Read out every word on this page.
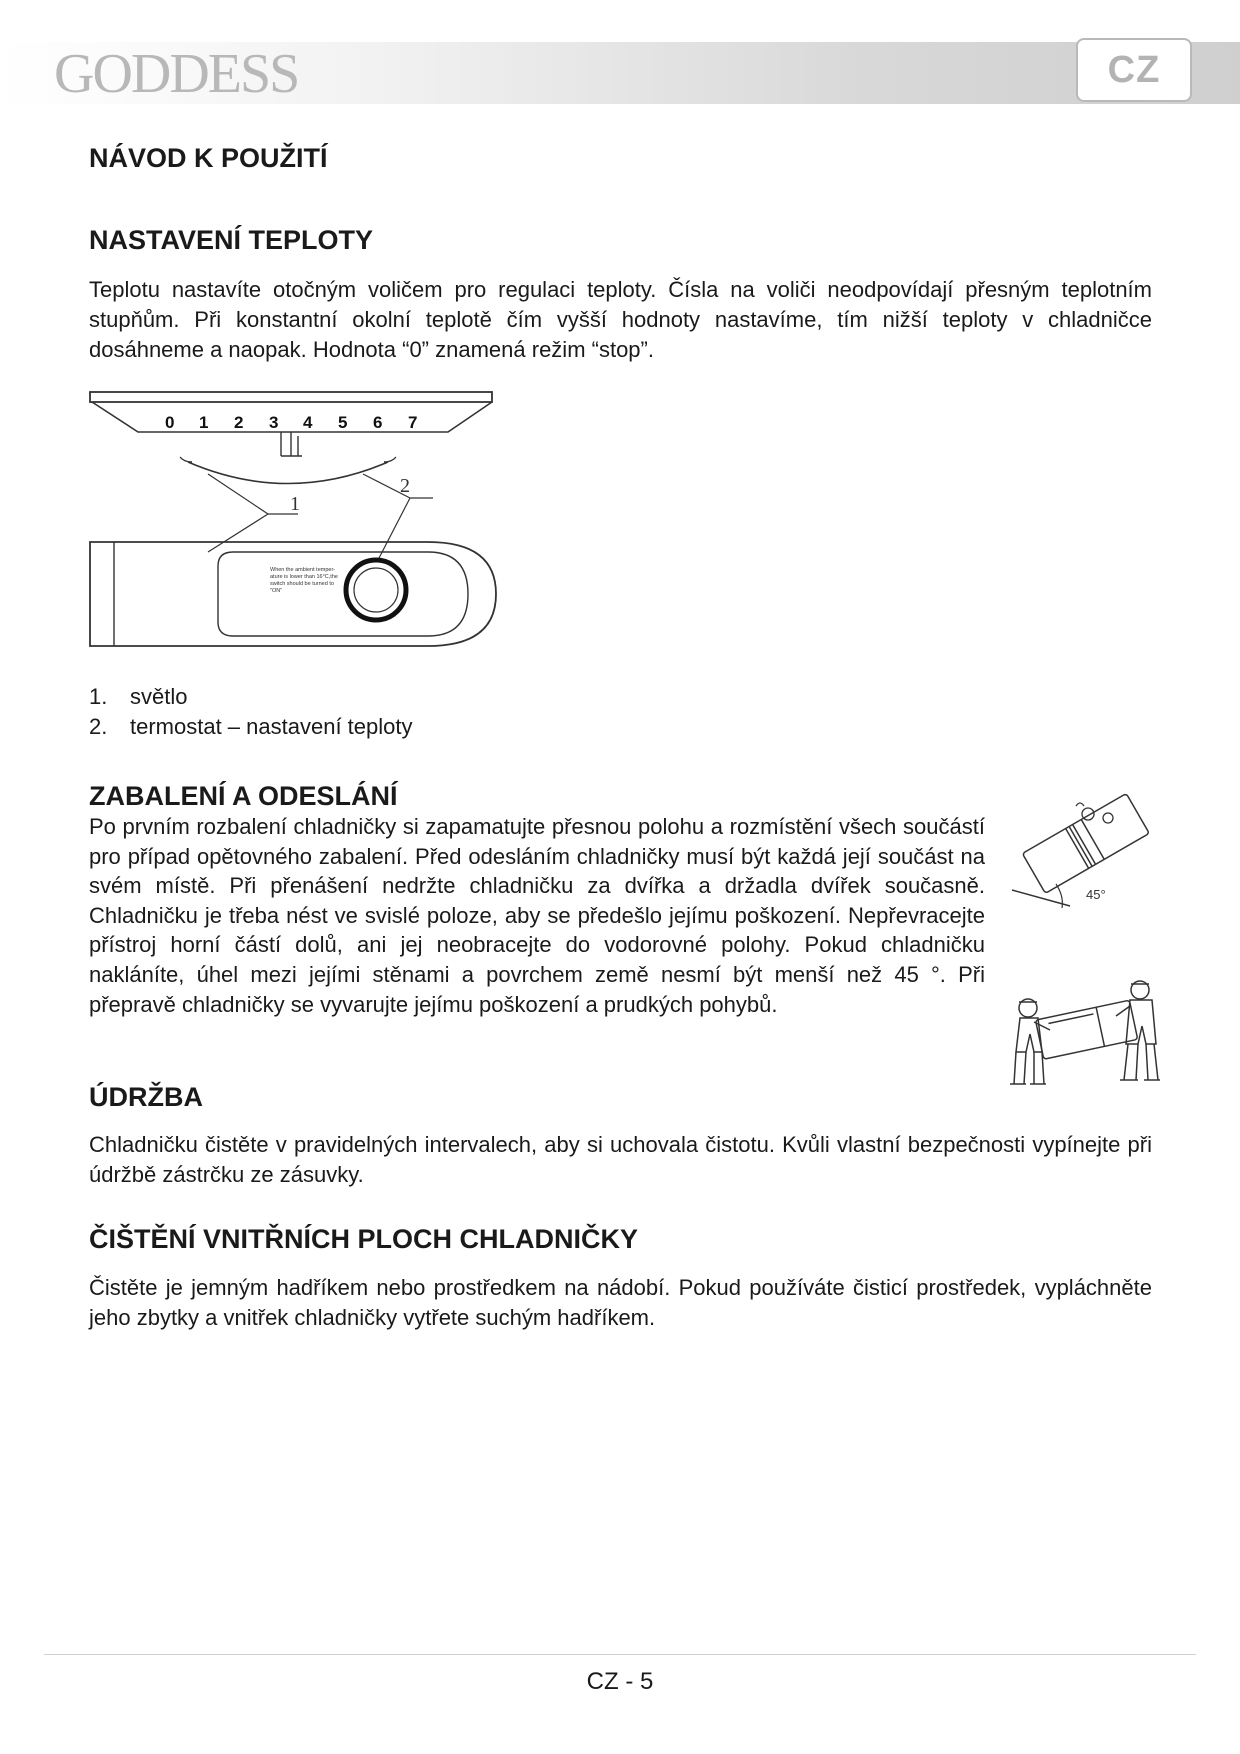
GODDESS	CZ
NÁVOD K POUŽITÍ
NASTAVENÍ TEPLOTY

Teplotu nastavíte otočným voličem pro regulaci teploty. Čísla na voliči neodpovídají přesným teplotním stupňům. Při konstantní okolní teplotě čím vyšší hodnoty nastavíme, tím nižší teploty v chladničce dosáhneme a naopak. Hodnota “0” znamená režim “stop”.

0 1 2 3 4 5 6 7
1
2
When the ambient temper-
ature is lower than 16°C,the
switch should be turned to
"ON"
1.	světlo
2.	termostat – nastavení teploty
ZABALENÍ A ODESLÁNÍ

Po prvním rozbalení chladničky si zapamatujte přesnou polohu a rozmístění všech součástí pro případ opětovného zabalení. Před odesláním chladničky musí být každá její součást na svém místě. Při přenášení nedržte chladničku za dvířka a držadla dvířek současně. Chladničku je třeba nést ve svislé poloze, aby se předešlo jejímu poškození. Nepřevracejte přístroj horní částí dolů, ani jej neobracejte do vodorovné polohy. Pokud chladničku nakláníte, úhel mezi jejími stěnami a povrchem země nesmí být menší než 45 °. Při přepravě chladničky se vyvarujte jejímu poškození a prudkých pohybů.

45°
ÚDRŽBA

Chladničku čistěte v pravidelných intervalech, aby si uchovala čistotu. Kvůli vlastní bezpečnosti vypínejte při údržbě zástrčku ze zásuvky.

ČIŠTĚNÍ VNITŘNÍCH PLOCH CHLADNIČKY

Čistěte je jemným hadříkem nebo prostředkem na nádobí. Pokud používáte čisticí prostředek, vypláchněte jeho zbytky a vnitřek chladničky vytřete suchým hadříkem.

CZ - 5
